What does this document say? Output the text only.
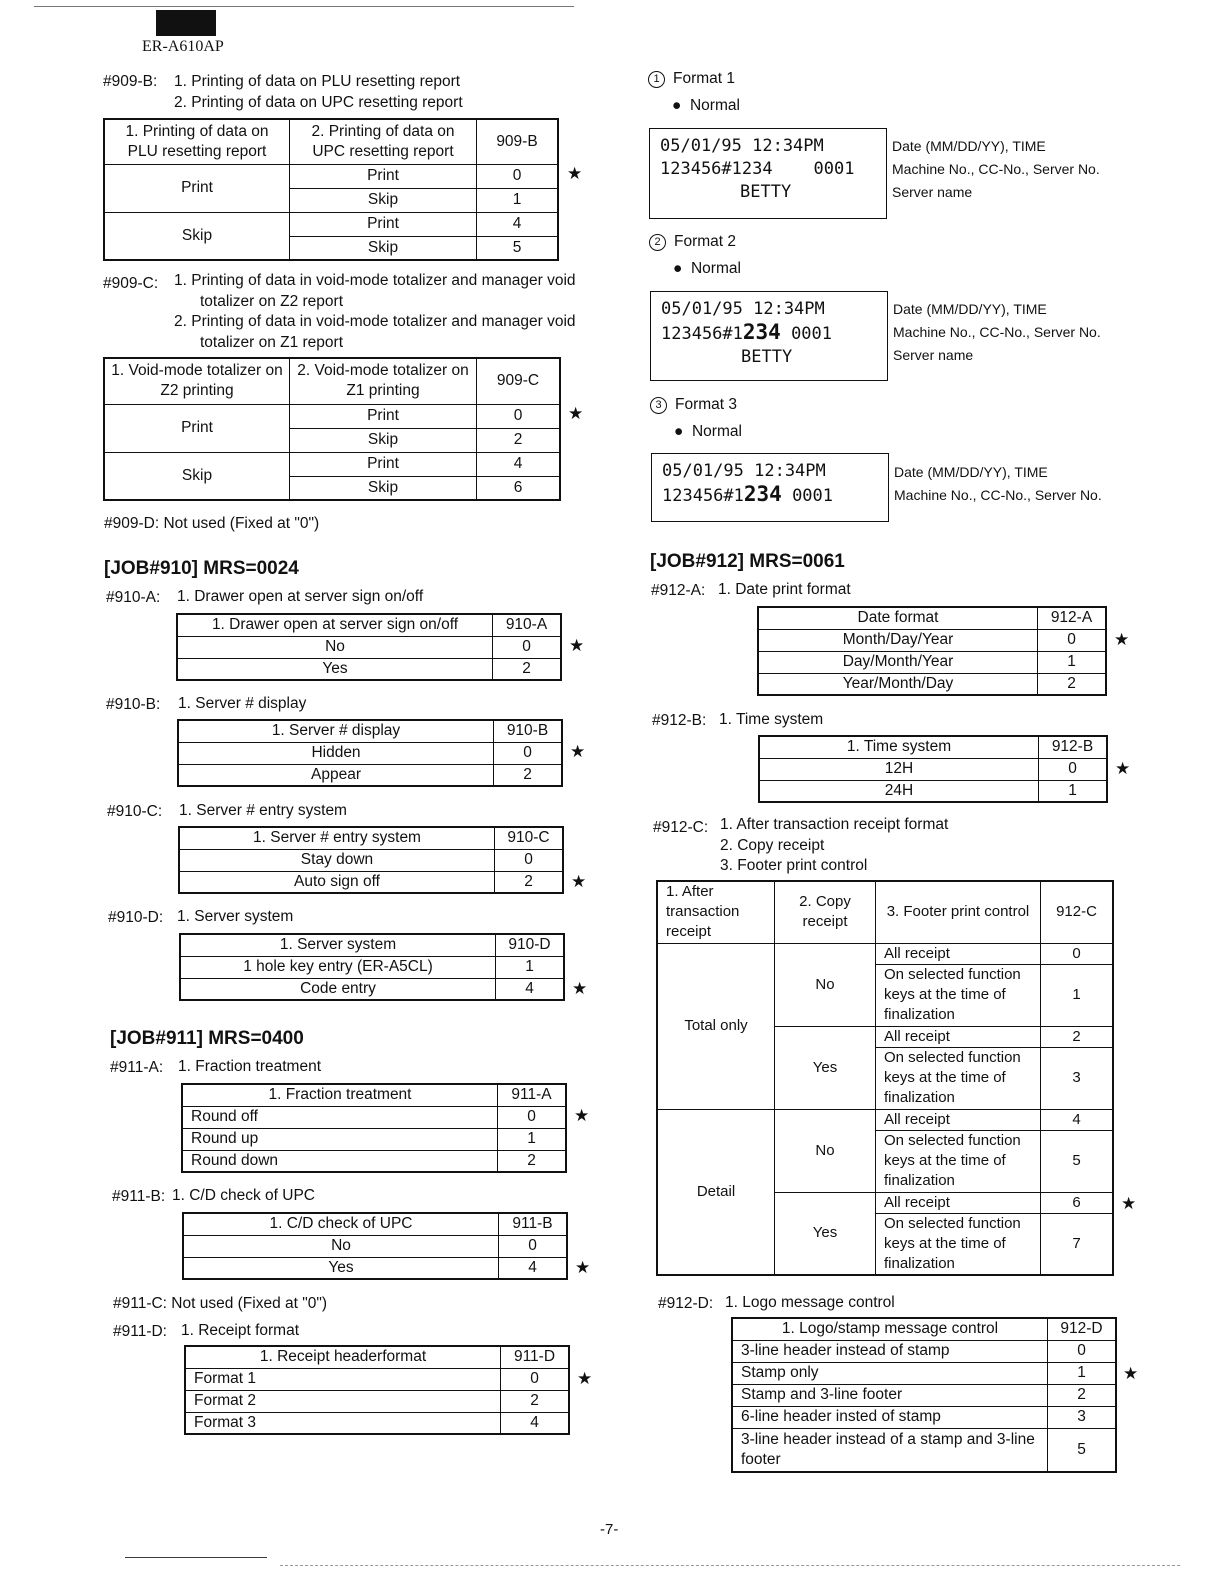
ER-A610AP
#909-B: 1. Printing of data on PLU resetting report
2. Printing of data on UPC resetting report
1. Printing of data on PLU resetting report	2. Printing of data on UPC resetting report	909-B
Print	Print	0
	Skip	1
Skip	Print	4
	Skip	5
★
#909-C: 1. Printing of data in void-mode totalizer and manager void
totalizer on Z2 report
2. Printing of data in void-mode totalizer and manager void
totalizer on Z1 report
1. Void-mode totalizer on Z2 printing	2. Void-mode totalizer on Z1 printing	909-C
Print	Print	0
	Skip	2
Skip	Print	4
	Skip	6
★
#909-D: Not used (Fixed at "0")
[JOB#910] MRS=0024
#910-A: 1. Drawer open at server sign on/off
1. Drawer open at server sign on/off	910-A
No	0
Yes	2
★
#910-B: 1. Server # display
1. Server # display	910-B
Hidden	0
Appear	2
★
#910-C: 1. Server # entry system
1. Server # entry system	910-C
Stay down	0
Auto sign off	2 ★
#910-D: 1. Server system
1. Server system	910-D
1 hole key entry (ER-A5CL)	1
Code entry	4 ★
[JOB#911] MRS=0400
#911-A: 1. Fraction treatment
1. Fraction treatment	911-A
Round off	0
Round up	1
Round down	2
★
#911-B: 1. C/D check of UPC
1. C/D check of UPC	911-B
No	0
Yes	4 ★
#911-C: Not used (Fixed at "0")
#911-D: 1. Receipt format
1. Receipt headerformat	911-D
Format 1	0
Format 2	2
Format 3	4
★
1 Format 1
●  Normal
05/01/95 12:34PM
123456#1234    0001
BETTY
Date (MM/DD/YY), TIME
Machine No., CC-No., Server No.
Server name
2 Format 2
●  Normal
05/01/95 12:34PM
123456#1234 0001
BETTY
Date (MM/DD/YY), TIME
Machine No., CC-No., Server No.
Server name
3 Format 3
●  Normal
05/01/95 12:34PM
123456#1234 0001
Date (MM/DD/YY), TIME
Machine No., CC-No., Server No.
[JOB#912] MRS=0061
#912-A: 1. Date print format
Date format	912-A
Month/Day/Year	0
Day/Month/Year	1
Year/Month/Day	2
★
#912-B: 1. Time system
1. Time system	912-B
12H	0
24H	1
★
#912-C: 1. After transaction receipt format
2. Copy receipt
3. Footer print control
1. After transaction receipt	2. Copy receipt	3. Footer print control	912-C
Total only	No	All receipt	0
		On selected function keys at the time of finalization	1
	Yes	All receipt	2
		On selected function keys at the time of finalization	3
Detail	No	All receipt	4
		On selected function keys at the time of finalization	5
	Yes	All receipt	6
		On selected function keys at the time of finalization	7
★
#912-D: 1. Logo message control
1. Logo/stamp message control	912-D
3-line header instead of stamp	0
Stamp only	1
Stamp and 3-line footer	2
6-line header insted of stamp	3
3-line header instead of a stamp and 3-line footer	5
★
-7-
